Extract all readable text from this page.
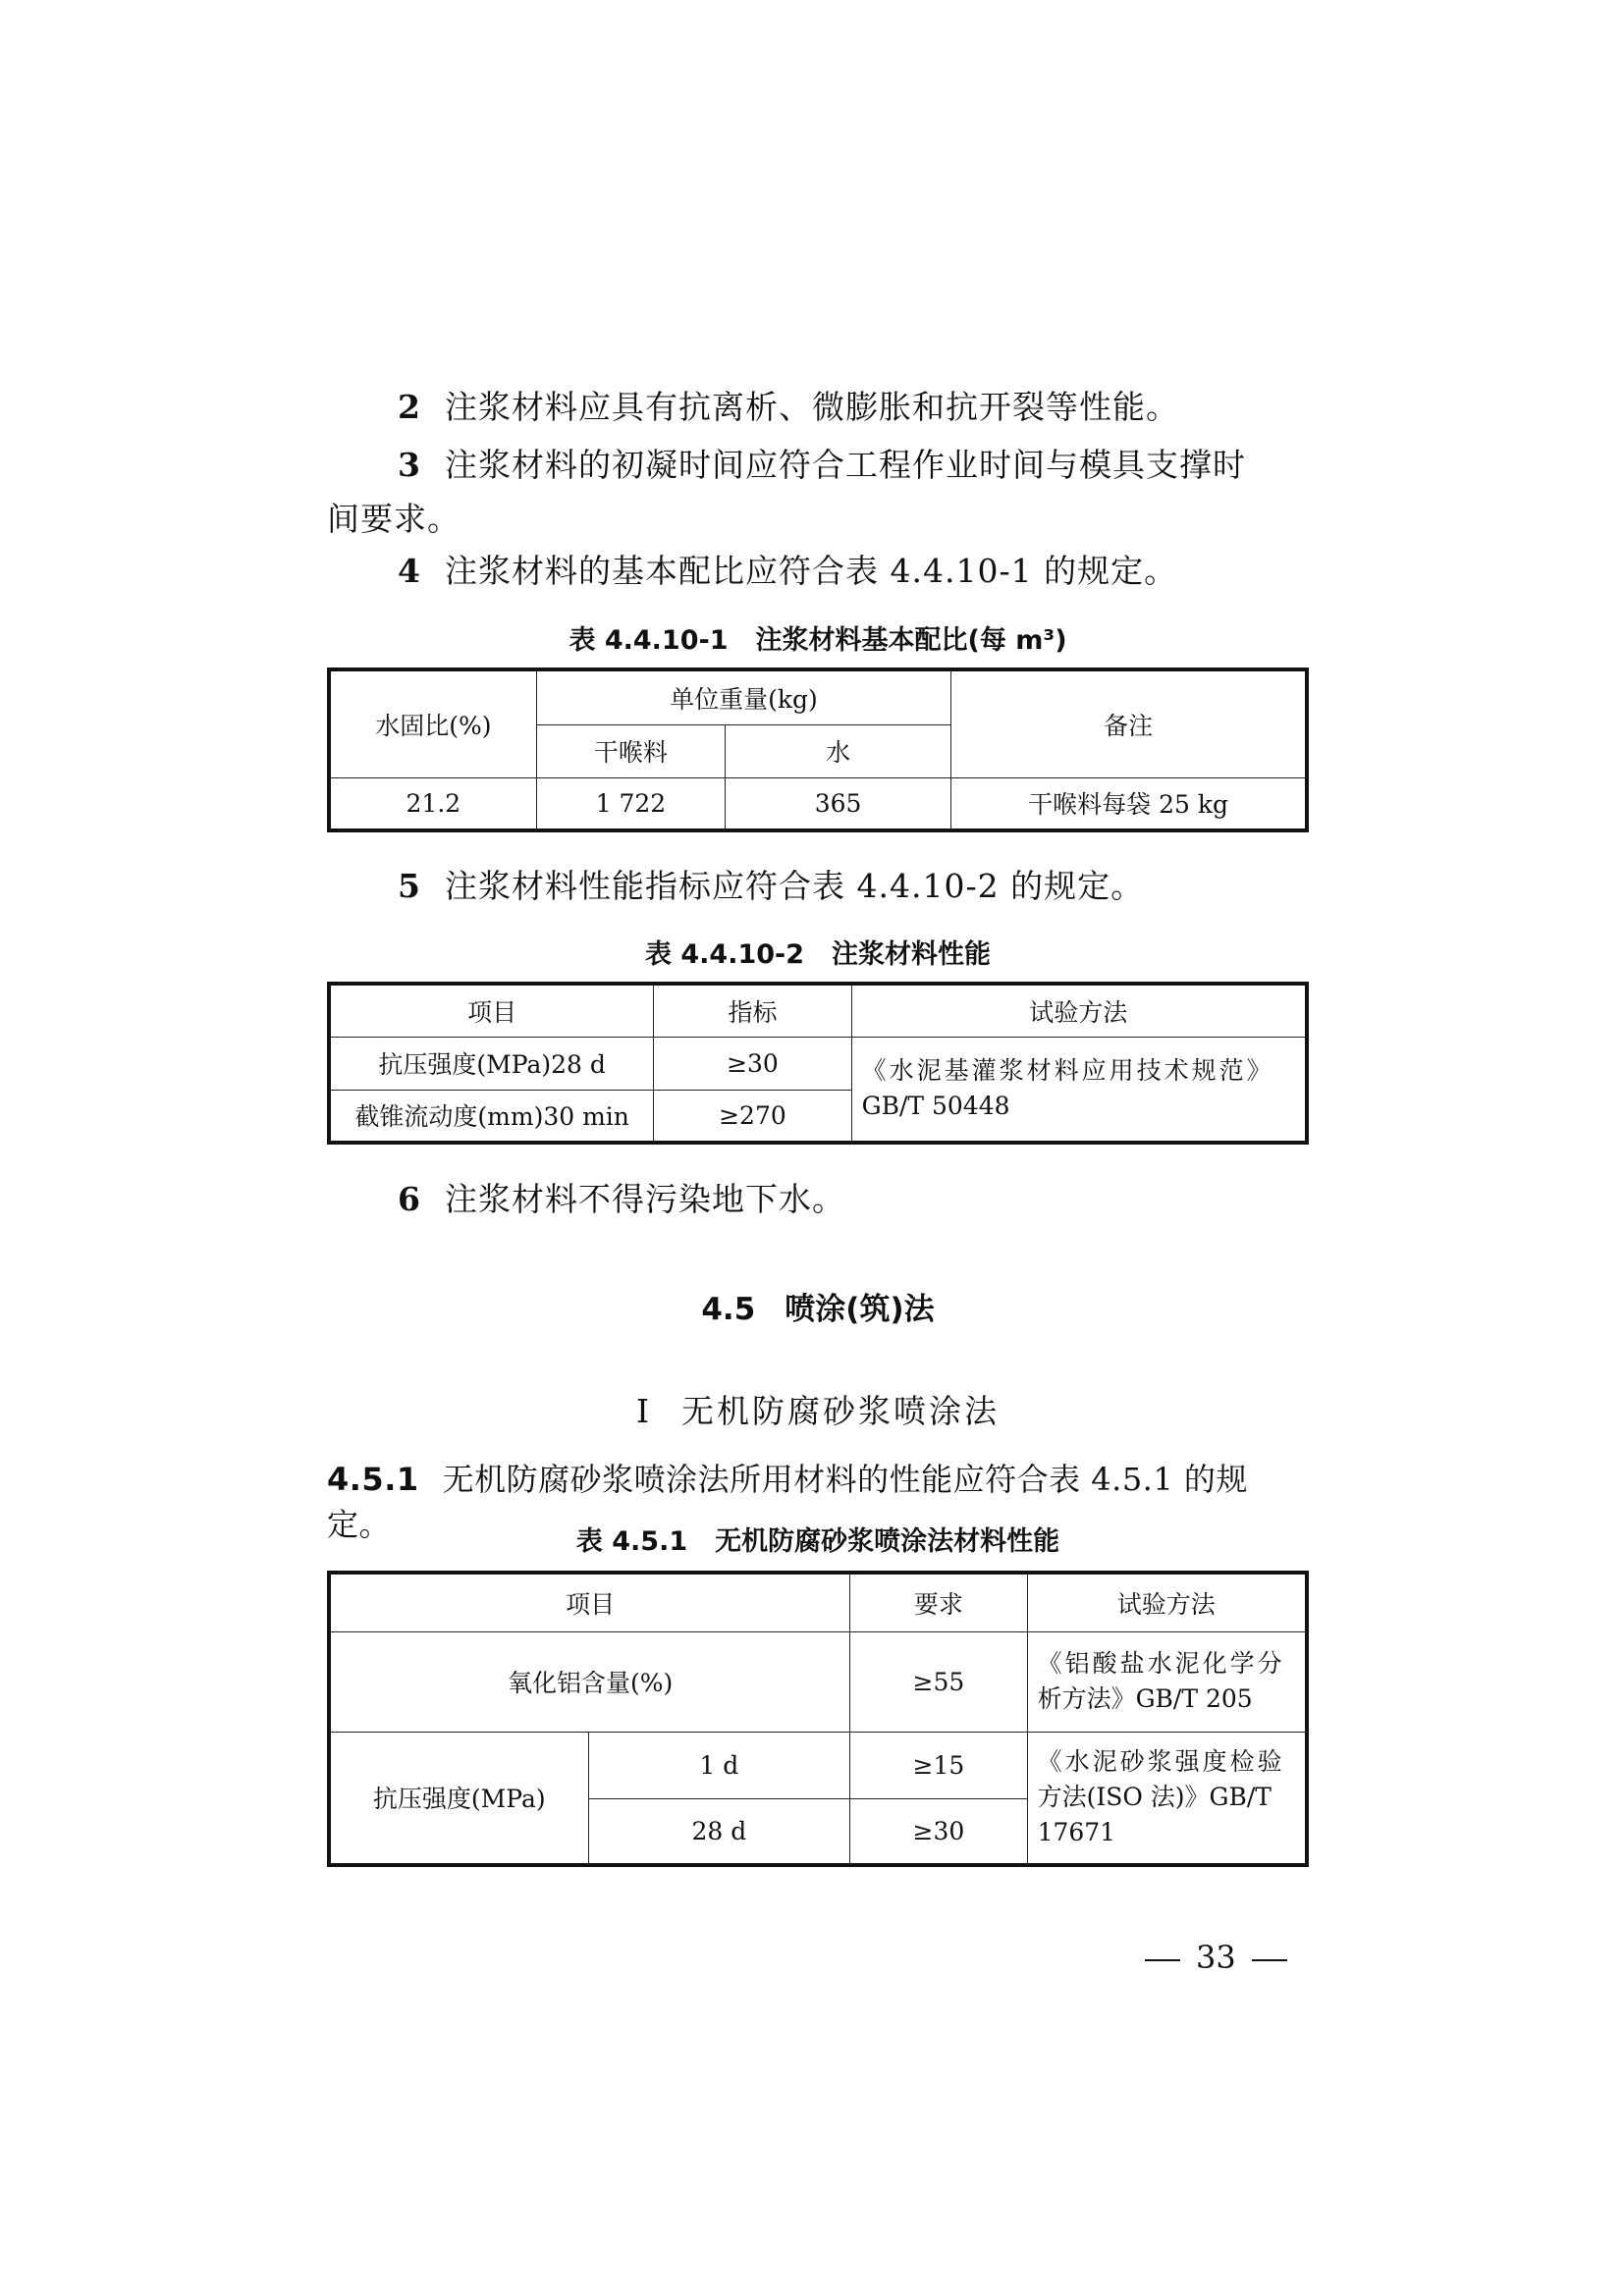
2 注浆材料应具有抗离析、微膨胀和抗开裂等性能。
3 注浆材料的初凝时间应符合工程作业时间与模具支撑时
间要求。
4 注浆材料的基本配比应符合表 4.4.10-1 的规定。
表 4.4.10-1 注浆材料基本配比(每 m³)
水固比(%)	单位重量(kg)		备注
	干喉料	水	
21.2	1 722	365	干喉料每袋 25 kg
5 注浆材料性能指标应符合表 4.4.10-2 的规定。
表 4.4.10-2 注浆材料性能
项目	指标	试验方法
抗压强度(MPa)28 d	≥30	《水泥基灌浆材料应用技术规范》
GB/T 50448

截锥流动度(mm)30 min	≥270	
6 注浆材料不得污染地下水。
4.5 喷涂(筑)法
Ⅰ 无机防腐砂浆喷涂法
4.5.1 无机防腐砂浆喷涂法所用材料的性能应符合表 4.5.1 的规定。	表 4.5.1 无机防腐砂浆喷涂法材料性能
项目		要求	试验方法
氧化铝含量(%)		≥55	《铝酸盐水泥化学分
析方法》GB/T 205

抗压强度(MPa)	1 d	≥15	《水泥砂浆强度检验
方法(ISO 法)》GB/T
17671

	28 d	≥30	
33
